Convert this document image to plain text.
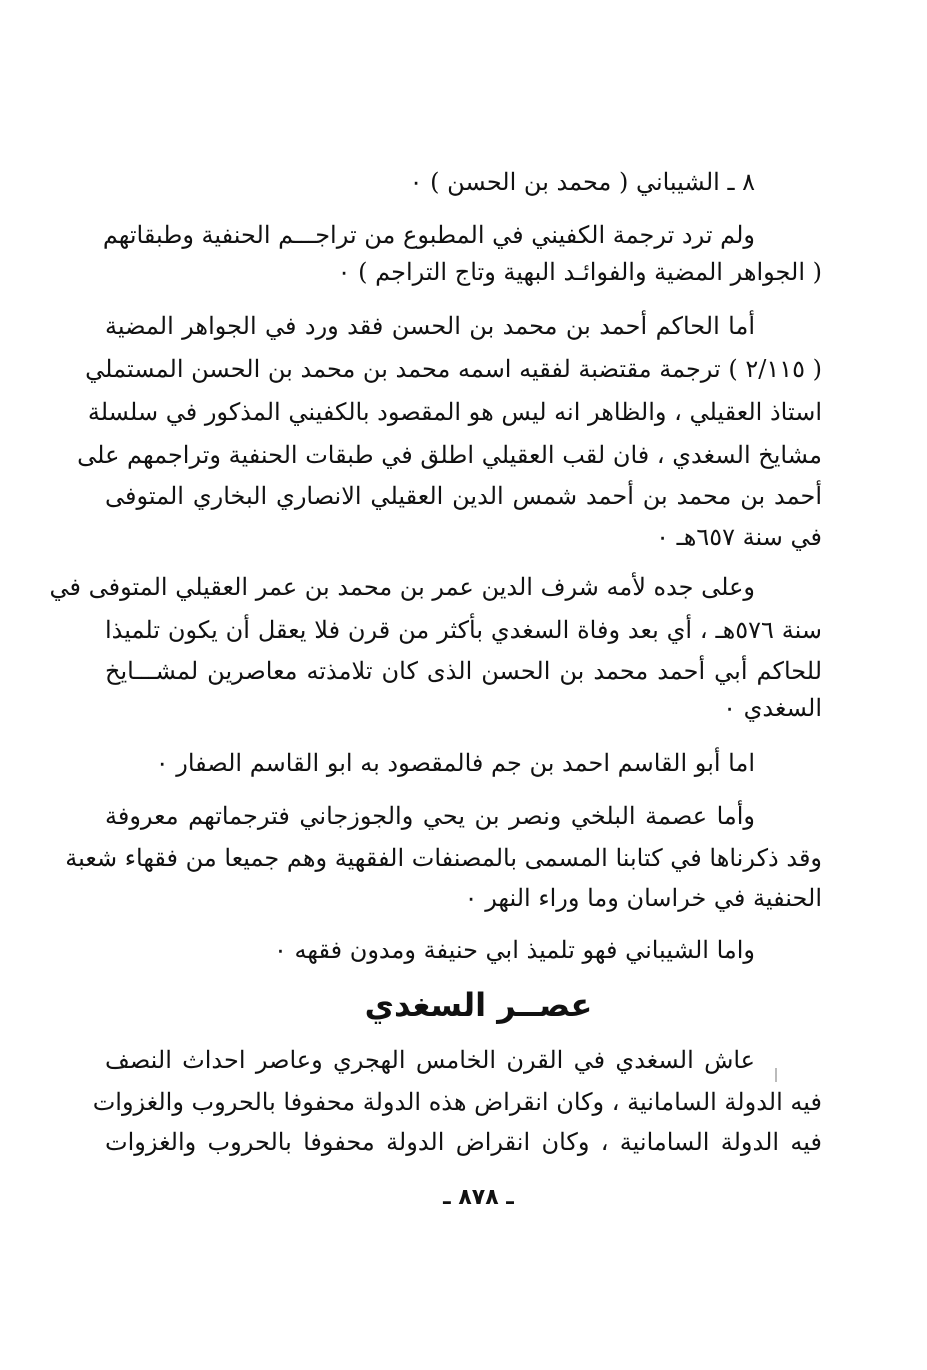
٨ ـ الشيباني ( محمد بن الحسن ) ٠
ولم ترد ترجمة الكفيني في المطبوع من تراجـــم الحنفية وطبقاتهم
( الجواهر المضية والفوائـد البهية وتاج التراجم ) ٠
أما الحاكم أحمد بن محمد بن الحسن فقد ورد في الجواهر المضية
( ٢/١١٥ ) ترجمة مقتضبة لفقيه اسمه محمد بن محمد بن الحسن المستملي
استاذ العقيلي ، والظاهر انه ليس هو المقصود بالكفيني المذكور في سلسلة
مشايخ السغدي ، فان لقب العقيلي اطلق في طبقات الحنفية وتراجمهم على
أحمد بن محمد بن أحمد شمس الدين العقيلي الانصاري البخاري المتوفى
في سنة ٦٥٧هـ ٠
وعلى جده لأمه شرف الدين عمر بن محمد بن عمر العقيلي المتوفى في
سنة ٥٧٦هـ ، أي بعد وفاة السغدي بأكثر من قرن فلا يعقل أن يكون تلميذا
للحاكم أبي أحمد محمد بن الحسن الذى كان تلامذته معاصرين لمشـــايخ
السغدي ٠
اما أبو القاسم احمد بن جم فالمقصود به ابو القاسم الصفار ٠
وأما عصمة البلخي ونصر بن يحي والجوزجاني فترجماتهم معروفة
وقد ذكرناها في كتابنا المسمى بالمصنفات الفقهية وهم جميعا من فقهاء شعبة
الحنفية في خراسان وما وراء النهر ٠
واما الشيباني فهو تلميذ ابي حنيفة ومدون فقهه ٠
عصــر السغدي
عاش السغدي في القرن الخامس الهجري وعاصر احداث النصف
فيه الدولة السامانية ، وكان انقراض هذه الدولة محفوفا بالحروب والغزوات
فيه الدولة السامانية ، وكان انقراض الدولة محفوفا بالحروب والغزوات
ـ ٨٧٨ ـ
